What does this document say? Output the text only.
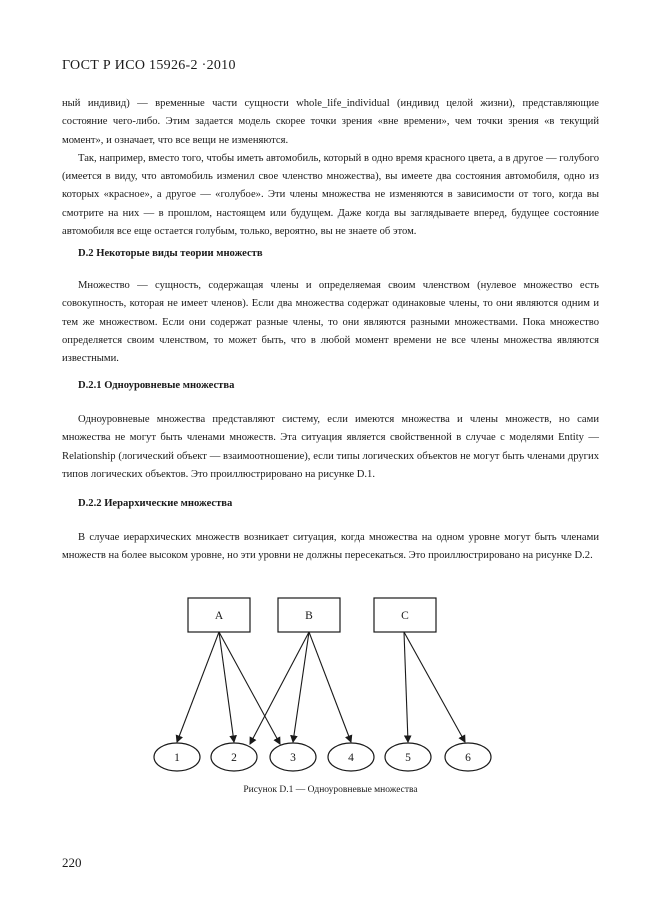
ГОСТ Р ИСО 15926-2 ·2010

ный индивид) — временные части сущности whole_life_individual (индивид целой жизни), представляющие состояние чего-либо. Этим задается модель скорее точки зрения «вне времени», чем точки зрения «в текущий момент», и означает, что все вещи не изменяются.

Так, например, вместо того, чтобы иметь автомобиль, который в одно время красного цвета, а в другое — голубого (имеется в виду, что автомобиль изменил свое членство множества), вы имеете два состояния автомобиля, одно из которых «красное», а другое — «голубое». Эти члены множества не изменяются в зависимости от того, когда вы смотрите на них — в прошлом, настоящем или будущем. Даже когда вы заглядываете вперед, будущее состояние автомобиля все еще остается голубым, только, вероятно, вы не знаете об этом.

D.2 Некоторые виды теории множеств

Множество — сущность, содержащая члены и определяемая своим членством (нулевое множество есть совокупность, которая не имеет членов). Если два множества содержат одинаковые члены, то они являются одним и тем же множеством. Если они содержат разные члены, то они являются разными множествами. Пока множество определяется своим членством, то может быть, что в любой момент времени не все члены множества являются известными.

D.2.1 Одноуровневые множества

Одноуровневые множества представляют систему, если имеются множества и члены множеств, но сами множества не могут быть членами множеств. Эта ситуация является свойственной в случае с моделями Entity — Relationship (логический объект — взаимоотношение), если типы логических объектов не могут быть членами других типов логических объектов. Это проиллюстрировано на рисунке D.1.

D.2.2 Иерархические множества

В случае иерархических множеств возникает ситуация, когда множества на одном уровне могут быть членами множеств на более высоком уровне, но эти уровни не должны пересекаться. Это проиллюстрировано на рисунке D.2.

A	B	C
1	2	3	4	5	6
Рисунок D.1 — Одноуровневые множества
220
